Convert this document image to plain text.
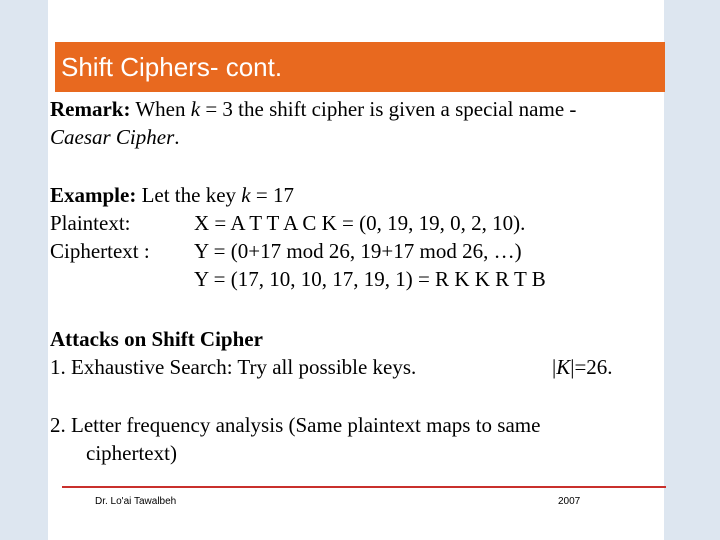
Shift Ciphers- cont.
Remark: When k = 3 the shift cipher is given a special name -
Caesar Cipher.
Example: Let the key k = 17
Plaintext:	X = A T T A C K = (0, 19, 19, 0, 2, 10).
Ciphertext : Y = (0+17 mod 26, 19+17 mod 26, …)
Y = (17, 10, 10, 17, 19, 1) = R K K R T B
Attacks on Shift Cipher
1. Exhaustive Search: Try all possible keys.	|K|=26.
2. Letter frequency analysis (Same plaintext maps to same
ciphertext)
Dr. Lo'ai Tawalbeh	2007
